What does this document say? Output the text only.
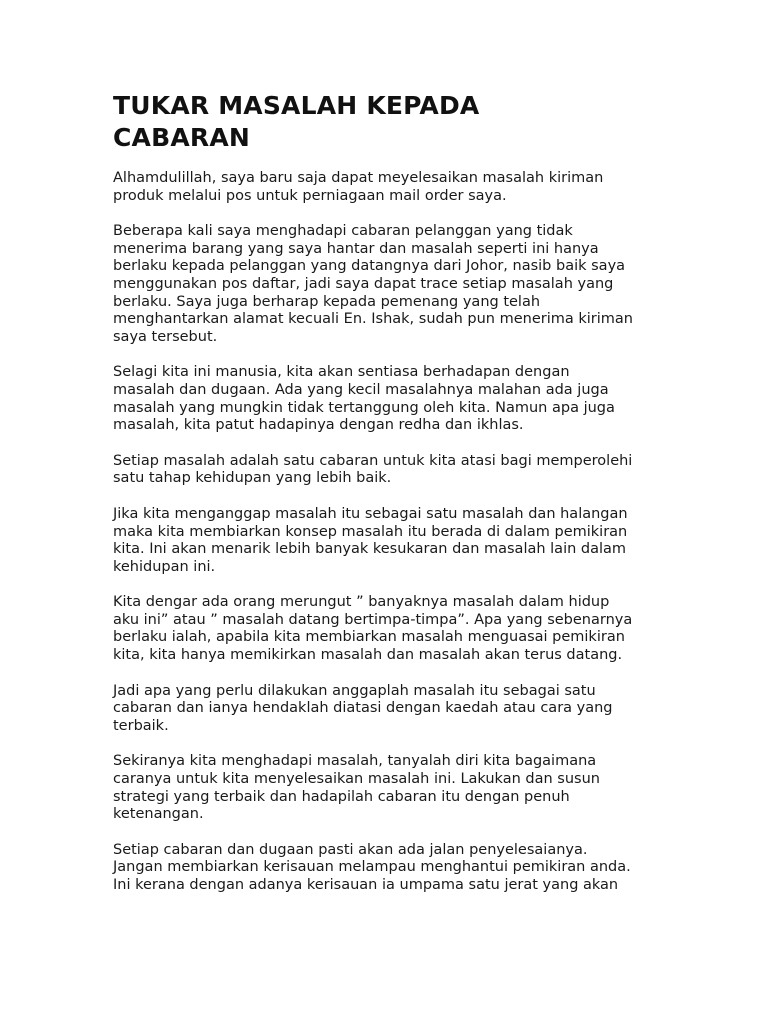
TUKAR MASALAH KEPADA
CABARAN

Alhamdulillah, saya baru saja dapat meyelesaikan masalah kiriman
produk melalui pos untuk perniagaan mail order saya.

Beberapa kali saya menghadapi cabaran pelanggan yang tidak
menerima barang yang saya hantar dan masalah seperti ini hanya
berlaku kepada pelanggan yang datangnya dari Johor, nasib baik saya
menggunakan pos daftar, jadi saya dapat trace setiap masalah yang
berlaku. Saya juga berharap kepada pemenang yang telah
menghantarkan alamat kecuali En. Ishak, sudah pun menerima kiriman
saya tersebut.

Selagi kita ini manusia, kita akan sentiasa berhadapan dengan
masalah dan dugaan. Ada yang kecil masalahnya malahan ada juga
masalah yang mungkin tidak tertanggung oleh kita. Namun apa juga
masalah, kita patut hadapinya dengan redha dan ikhlas.

Setiap masalah adalah satu cabaran untuk kita atasi bagi memperolehi
satu tahap kehidupan yang lebih baik.

Jika kita menganggap masalah itu sebagai satu masalah dan halangan
maka kita membiarkan konsep masalah itu berada di dalam pemikiran
kita. Ini akan menarik lebih banyak kesukaran dan masalah lain dalam
kehidupan ini.

Kita dengar ada orang merungut ” banyaknya masalah dalam hidup
aku ini” atau ” masalah datang bertimpa-timpa”. Apa yang sebenarnya
berlaku ialah, apabila kita membiarkan masalah menguasai pemikiran
kita, kita hanya memikirkan masalah dan masalah akan terus datang.

Jadi apa yang perlu dilakukan anggaplah masalah itu sebagai satu
cabaran dan ianya hendaklah diatasi dengan kaedah atau cara yang
terbaik.

Sekiranya kita menghadapi masalah, tanyalah diri kita bagaimana
caranya untuk kita menyelesaikan masalah ini. Lakukan dan susun
strategi yang terbaik dan hadapilah cabaran itu dengan penuh
ketenangan.

Setiap cabaran dan dugaan pasti akan ada jalan penyelesaianya.
Jangan membiarkan kerisauan melampau menghantui pemikiran anda.
Ini kerana dengan adanya kerisauan ia umpama satu jerat yang akan
